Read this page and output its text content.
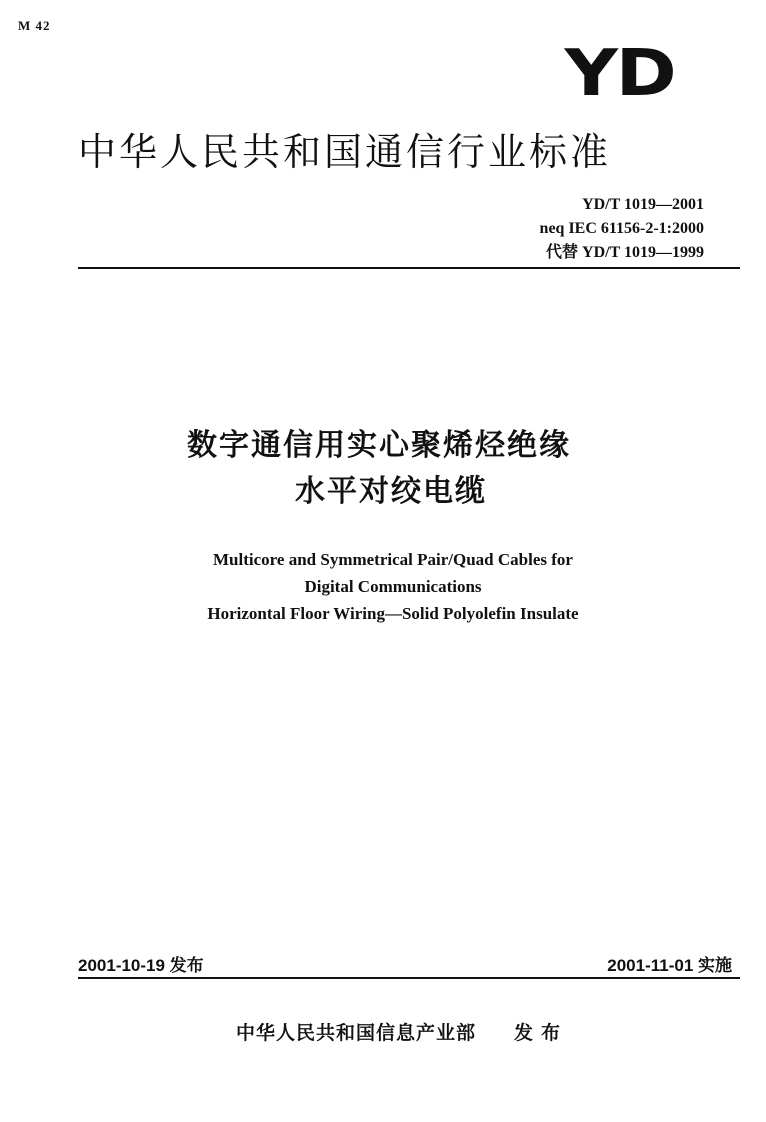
M 42
YD
中华人民共和国通信行业标准
YD/T 1019—2001
neq IEC 61156-2-1:2000
代替 YD/T 1019—1999
数字通信用实心聚烯烃绝缘
水平对绞电缆
Multicore and Symmetrical Pair/Quad Cables for
Digital Communications
Horizontal Floor Wiring—Solid Polyolefin Insulate
2001-10-19 发布	2001-11-01 实施
中华人民共和国信息产业部 发布
